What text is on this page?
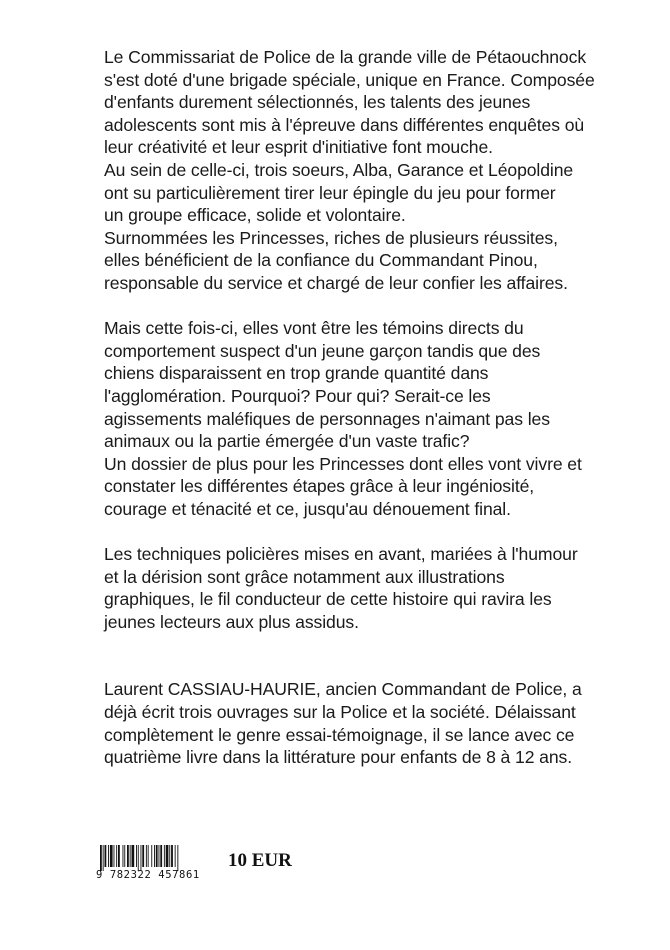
Le Commissariat de Police de la grande ville de Pétaouchnock
s'est doté d'une brigade spéciale, unique en France. Composée
d'enfants durement sélectionnés, les talents des jeunes
adolescents sont mis à l'épreuve dans différentes enquêtes où
leur créativité et leur esprit d'initiative font mouche.
Au sein de celle-ci, trois soeurs, Alba, Garance et Léopoldine
ont su particulièrement tirer leur épingle du jeu pour former
un groupe efficace, solide et volontaire.
Surnommées les Princesses, riches de plusieurs réussites,
elles bénéficient de la confiance du Commandant Pinou,
responsable du service et chargé de leur confier les affaires.
Mais cette fois-ci, elles vont être les témoins directs du
comportement suspect d'un jeune garçon tandis que des
chiens disparaissent en trop grande quantité dans
l'agglomération. Pourquoi? Pour qui? Serait-ce les
agissements maléfiques de personnages n'aimant pas les
animaux ou la partie émergée d'un vaste trafic?
Un dossier de plus pour les Princesses dont elles vont vivre et
constater les différentes étapes grâce à leur ingéniosité,
courage et ténacité et ce, jusqu'au dénouement final.
Les techniques policières mises en avant, mariées à l'humour
et la dérision sont grâce notamment aux illustrations
graphiques, le fil conducteur de cette histoire qui ravira les
jeunes lecteurs aux plus assidus.
Laurent CASSIAU-HAURIE, ancien Commandant de Police, a
déjà écrit trois ouvrages sur la Police et la société. Délaissant
complètement le genre essai-témoignage, il se lance avec ce
quatrième livre dans la littérature pour enfants de 8 à 12 ans.
9 782322 457861
10 EUR
